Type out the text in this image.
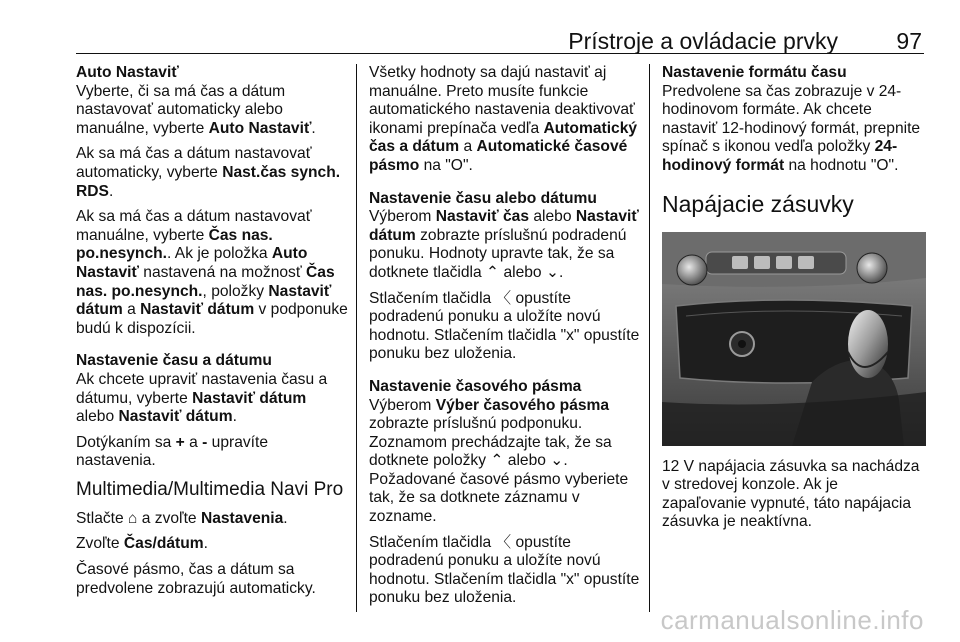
Prístroje a ovládacie prvky	97

Auto Nastaviť

Vyberte, či sa má čas a dátum nastavovať automaticky alebo manuálne, vyberte Auto Nastaviť.

Ak sa má čas a dátum nastavovať automaticky, vyberte Nast.čas synch. RDS.

Ak sa má čas a dátum nastavovať manuálne, vyberte Čas nas. po.nesynch.. Ak je položka Auto Nastaviť nastavená na možnosť Čas nas. po.nesynch., položky Nastaviť dátum a Nastaviť dátum v podponuke budú k dispozícii.

Nastavenie času a dátumu

Ak chcete upraviť nastavenia času a dátumu, vyberte Nastaviť dátum alebo Nastaviť dátum.

Dotýkaním sa + a - upravíte nastavenia.

Multimedia/Multimedia Navi Pro

Stlačte ⌂ a zvoľte Nastavenia.

Zvoľte Čas/dátum.

Časové pásmo, čas a dátum sa predvolene zobrazujú automaticky.

Všetky hodnoty sa dajú nastaviť aj manuálne. Preto musíte funkcie automatického nastavenia deaktivovať ikonami prepínača vedľa Automatický čas a dátum a Automatické časové pásmo na "O".

Nastavenie času alebo dátumu

Výberom Nastaviť čas alebo Nastaviť dátum zobrazte príslušnú podradenú ponuku. Hodnoty upravte tak, že sa dotknete tlačidla ⌃ alebo ⌄.

Stlačením tlačidla 〈 opustíte podradenú ponuku a uložíte novú hodnotu. Stlačením tlačidla "x" opustíte ponuku bez uloženia.

Nastavenie časového pásma

Výberom Výber časového pásma zobrazte príslušnú podponuku. Zoznamom prechádzajte tak, že sa dotknete položky ⌃ alebo ⌄. Požadované časové pásmo vyberiete tak, že sa dotknete záznamu v zozname.

Stlačením tlačidla 〈 opustíte podradenú ponuku a uložíte novú hodnotu. Stlačením tlačidla "x" opustíte ponuku bez uloženia.

Nastavenie formátu času

Predvolene sa čas zobrazuje v 24-hodinovom formáte. Ak chcete nastaviť 12-hodinový formát, prepnite spínač s ikonou vedľa položky 24-hodinový formát na hodnotu "O".

Napájacie zásuvky

12 V napájacia zásuvka sa nachádza v stredovej konzole. Ak je zapaľovanie vypnuté, táto napájacia zásuvka je neaktívna.

carmanualsonline.info
